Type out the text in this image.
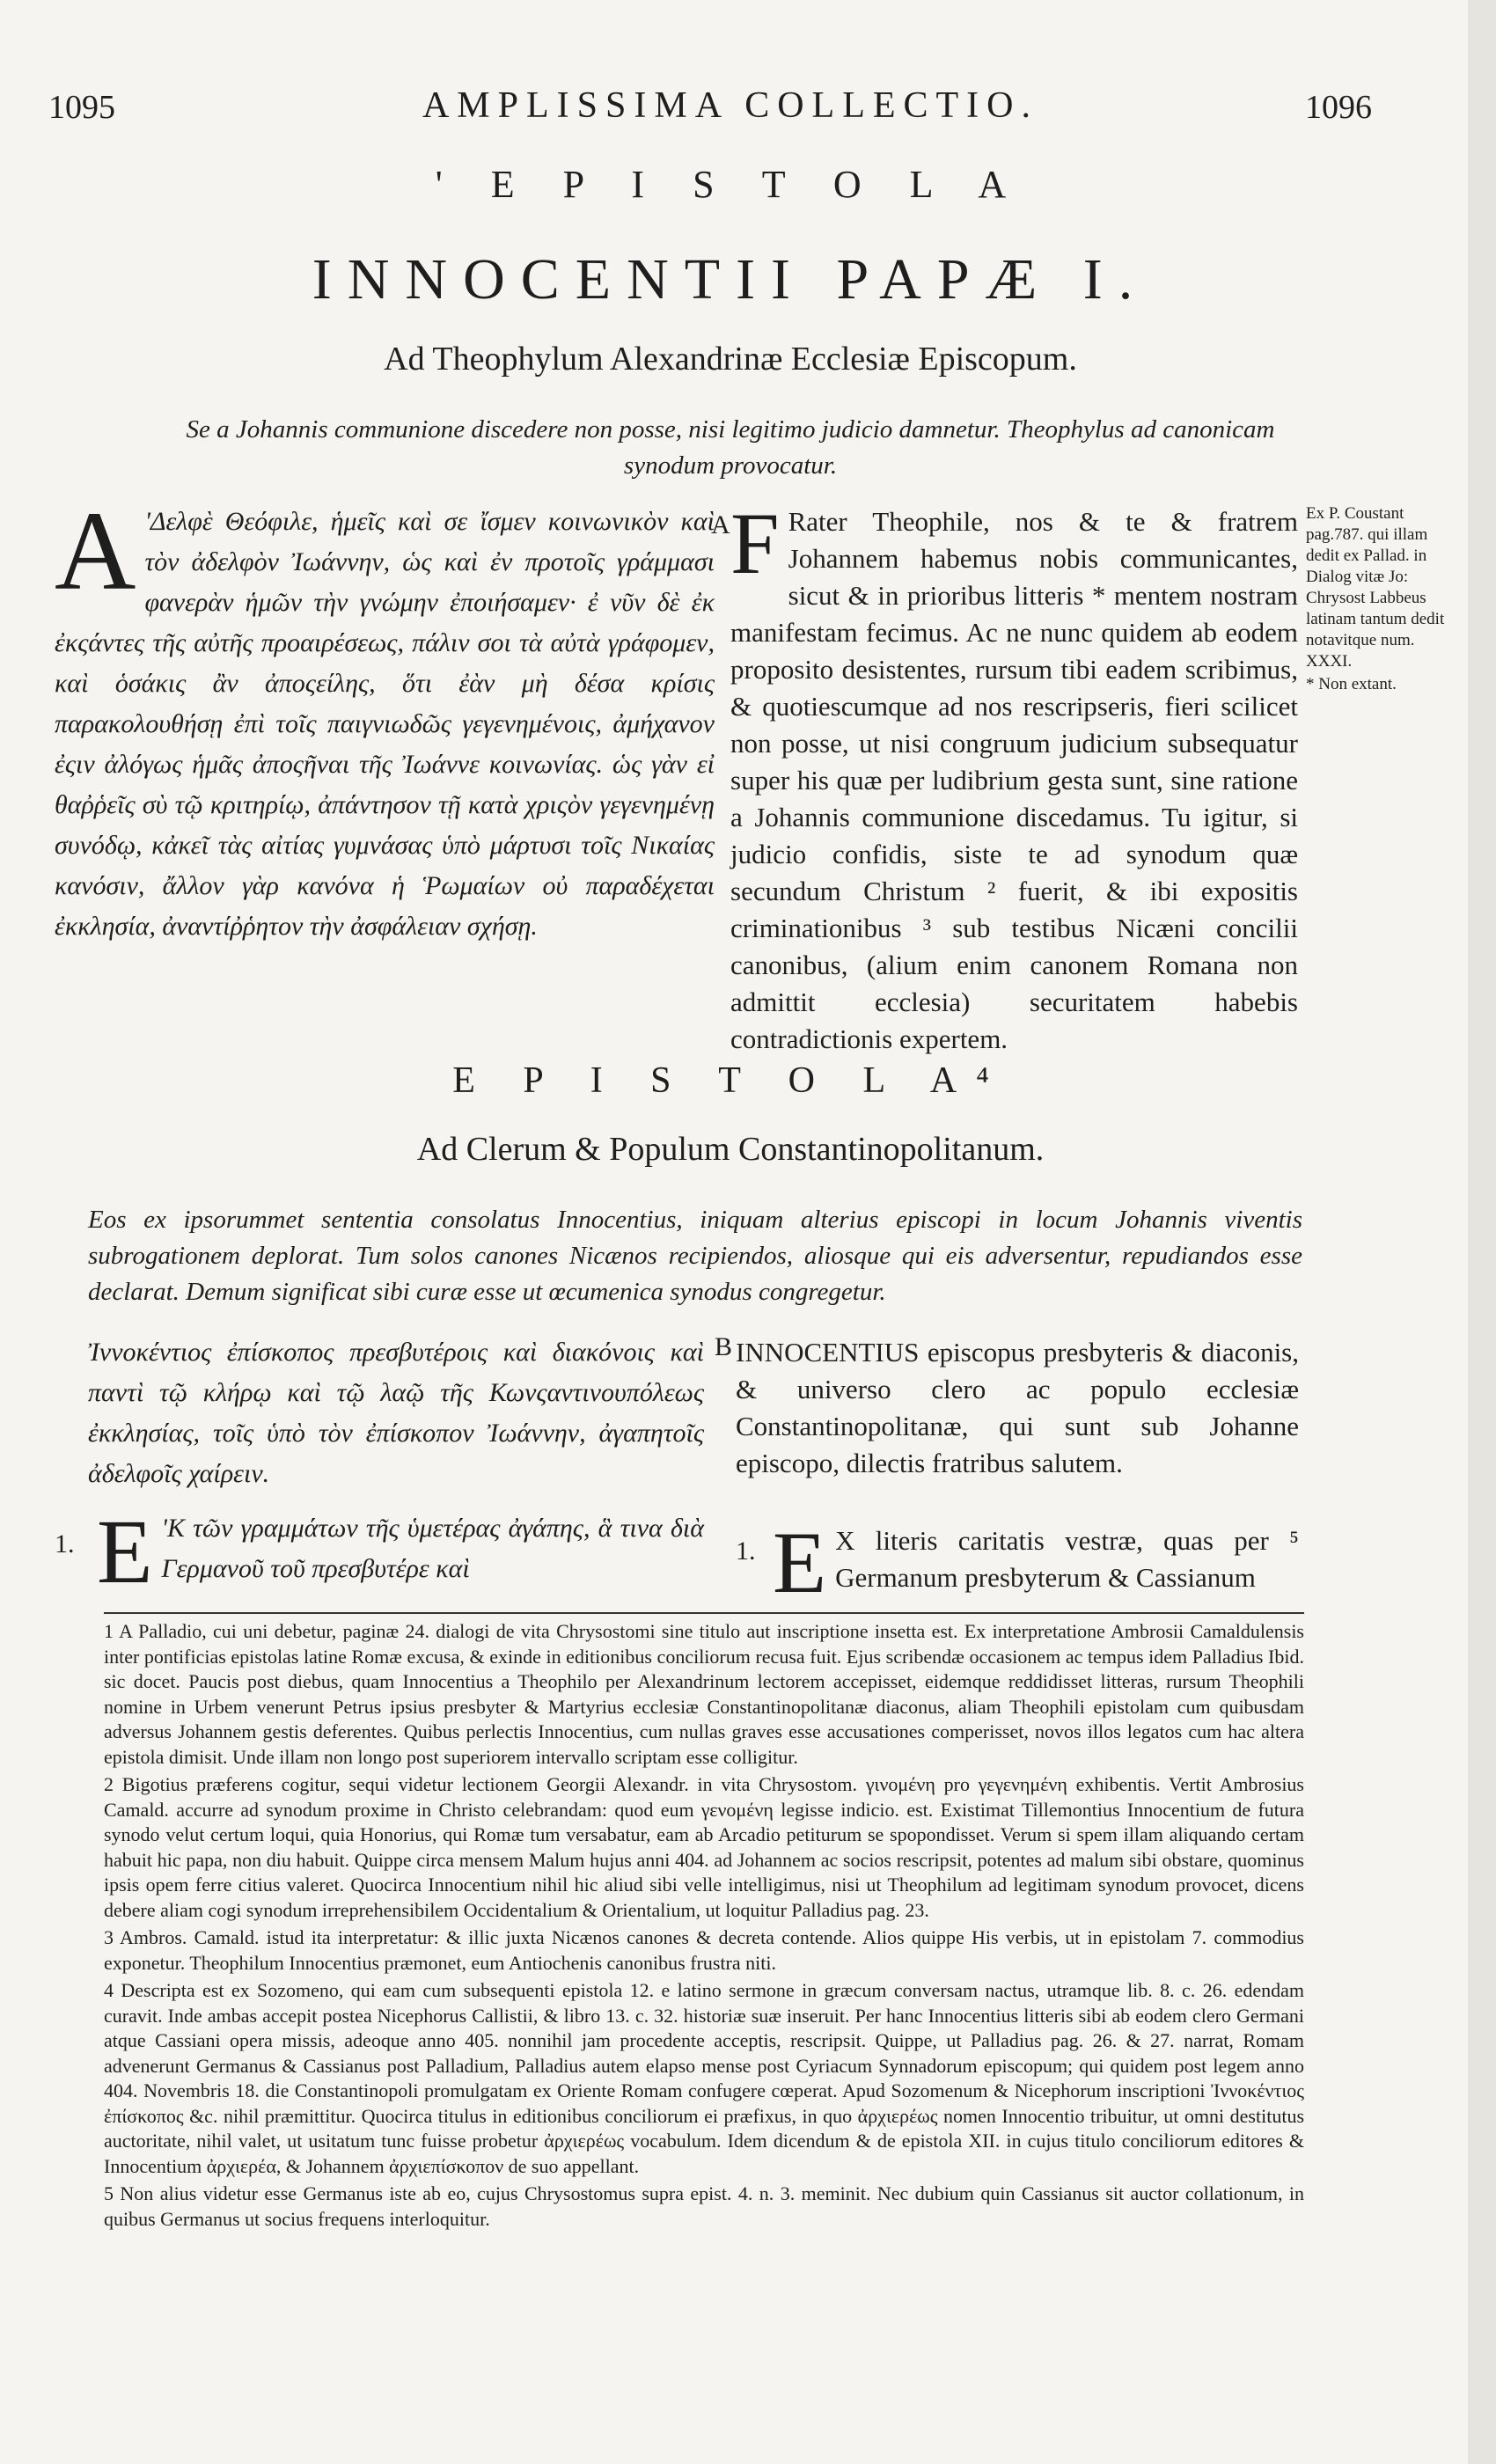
1095	AMPLISSIMA COLLECTIO.	1096
' E P I S T O L A
INNOCENTII PAPÆ I.
Ad Theophylum Alexandrinæ Ecclesiæ Episcopum.
Se a Johannis communione discedere non posse, nisi legitimo judicio damnetur. Theophylus ad canonicam synodum provocatur.
Α 'Δελφὲ Θεόφιλε, ἡμεῖς καὶ σε ἴσμεν κοινωνικὸν καὶ τὸν ἀδελφὸν Ἰωάννην, ὡς καὶ ἐν προτοῖς γράμμασι φανερὰν ἡμῶν τὴν γνώμην ἐποιήσαμεν· ἐ νῦν δὲ ἐκ ἐκςάντες τῆς αὐτῆς προαιρέσεως, πάλιν σοι τὰ αὐτὰ γράφομεν, καὶ ὁσάκις ἂν ἀποςείλης, ὅτι ἐὰν μὴ δέσα κρίσις παρακολουθήσῃ ἐπὶ τοῖς παιγνιωδῶς γεγενημένοις, ἀμήχανον ἐςιν ἀλόγως ἡμᾶς ἀποςῆναι τῆς Ἰωάννε κοινωνίας. ὡς γὰν εἰ θαῤῥεῖς σὺ τῷ κριτηρίῳ, ἀπάντησον τῇ κατὰ χριςὸν γεγενημένῃ συνόδῳ, κἀκεῖ τὰς αἰτίας γυμνάσας ὑπὸ μάρτυσι τοῖς Νικαίας κανόσιν, ἄλλον γὰρ κανόνα ἡ Ῥωμαίων οὐ παραδέχεται ἐκκλησία, ἀναντίῤῥητον τὴν ἀσφάλειαν σχήσῃ.
A F Rater Theophile, nos & te & fratrem Johannem habemus nobis communicantes, sicut & in prioribus litteris * mentem nostram manifestam fecimus. Ac ne nunc quidem ab eodem proposito desistentes, rursum tibi eadem scribimus, & quotiescumque ad nos rescripseris, fieri scilicet non posse, ut nisi congruum judicium subsequatur super his quæ per ludibrium gesta sunt, sine ratione a Johannis communione discedamus. Tu igitur, si judicio confidis, siste te ad synodum quæ secundum Christum ² fuerit, & ibi expositis criminationibus ³ sub testibus Nicæni concilii canonibus, (alium enim canonem Romana non admittit ecclesia) securitatem habebis contradictionis expertem.
Ex P. Coustant pag.787. qui illam dedit ex Pallad. in Dialog vitæ Jo: Chrysost Labbeus latinam tantum dedit notavitque num. XXXI.
* Non extant.
E P I S T O L A⁴
Ad Clerum & Populum Constantinopolitanum.
Eos ex ipsorummet sententia consolatus Innocentius, iniquam alterius episcopi in locum Johannis viventis subrogationem deplorat. Tum solos canones Nicænos recipiendos, aliosque qui eis adversentur, repudiandos esse declarat. Demum significat sibi curæ esse ut œcumenica synodus congregetur.
Ἰννοκέντιος ἐπίσκοπος πρεσβυτέροις καὶ διακόνοις καὶ παντὶ τῷ κλήρῳ καὶ τῷ λαῷ τῆς Κωνςαντινουπόλεως ἐκκλησίας, τοῖς ὑπὸ τὸν ἐπίσκοπον Ἰωάννην, ἀγαπητοῖς ἀδελφοῖς χαίρειν.
B INNOCENTIUS episcopus presbyteris & diaconis, & universo clero ac populo ecclesiæ Constantinopolitanæ, qui sunt sub Johanne episcopo, dilectis fratribus salutem.
1. Ε 'Κ τῶν γραμμάτων τῆς ὑμετέρας ἀγάπης, ἃ τινα διὰ Γερμανοῦ τοῦ πρεσβυτέρε καὶ
1. E X literis caritatis vestræ, quas per ⁵ Germanum presbyterum & Cassianum

1 A Palladio, cui uni debetur, paginæ 24. dialogi de vita Chrysostomi sine titulo aut inscriptione insetta est. Ex interpretatione Ambrosii Camaldulensis inter pontificias epistolas latine Romæ excusa, & exinde in editionibus conciliorum recusa fuit. Ejus scribendæ occasionem ac tempus idem Palladius Ibid. sic docet. Paucis post diebus, quam Innocentius a Theophilo per Alexandrinum lectorem accepisset, eidemque reddidisset litteras, rursum Theophili nomine in Urbem venerunt Petrus ipsius presbyter & Martyrius ecclesiæ Constantinopolitanæ diaconus, aliam Theophili epistolam cum quibusdam adversus Johannem gestis deferentes. Quibus perlectis Innocentius, cum nullas graves esse accusationes comperisset, novos illos legatos cum hac altera epistola dimisit. Unde illam non longo post superiorem intervallo scriptam esse colligitur.

2 Bigotius præferens cogitur, sequi videtur lectionem Georgii Alexandr. in vita Chrysostom. γινομένη pro γεγενημένη exhibentis. Vertit Ambrosius Camald. accurre ad synodum proxime in Christo celebrandam: quod eum γενομένη legisse indicio. est. Existimat Tillemontius Innocentium de futura synodo velut certum loqui, quia Honorius, qui Romæ tum versabatur, eam ab Arcadio petiturum se spopondisset. Verum si spem illam aliquando certam habuit hic papa, non diu habuit. Quippe circa mensem Malum hujus anni 404. ad Johannem ac socios rescripsit, potentes ad malum sibi obstare, quominus ipsis opem ferre citius valeret. Quocirca Innocentium nihil hic aliud sibi velle intelligimus, nisi ut Theophilum ad legitimam synodum provocet, dicens debere aliam cogi synodum irreprehensibilem Occidentalium & Orientalium, ut loquitur Palladius pag. 23.

3 Ambros. Camald. istud ita interpretatur: & illic juxta Nicænos canones & decreta contende. Alios quippe His verbis, ut in epistolam 7. commodius exponetur. Theophilum Innocentius præmonet, eum Antiochenis canonibus frustra niti.

4 Descripta est ex Sozomeno, qui eam cum subsequenti epistola 12. e latino sermone in græcum conversam nactus, utramque lib. 8. c. 26. edendam curavit. Inde ambas accepit postea Nicephorus Callistii, & libro 13. c. 32. historiæ suæ inseruit. Per hanc Innocentius litteris sibi ab eodem clero Germani atque Cassiani opera missis, adeoque anno 405. nonnihil jam procedente acceptis, rescripsit. Quippe, ut Palladius pag. 26. & 27. narrat, Romam advenerunt Germanus & Cassianus post Palladium, Palladius autem elapso mense post Cyriacum Synnadorum episcopum; qui quidem post legem anno 404. Novembris 18. die Constantinopoli promulgatam ex Oriente Romam confugere cœperat. Apud Sozomenum & Nicephorum inscriptioni Ἰννοκέντιος ἐπίσκοπος &c. nihil præmittitur. Quocirca titulus in editionibus conciliorum ei præfixus, in quo ἀρχιερέως nomen Innocentio tribuitur, ut omni destitutus auctoritate, nihil valet, ut usitatum tunc fuisse probetur ἀρχιερέως vocabulum. Idem dicendum & de epistola XII. in cujus titulo conciliorum editores & Innocentium ἀρχιερέα, & Johannem ἀρχιεπίσκοπον de suo appellant.

5 Non alius videtur esse Germanus iste ab eo, cujus Chrysostomus supra epist. 4. n. 3. meminit. Nec dubium quin Cassianus sit auctor collationum, in quibus Germanus ut socius frequens interloquitur.
